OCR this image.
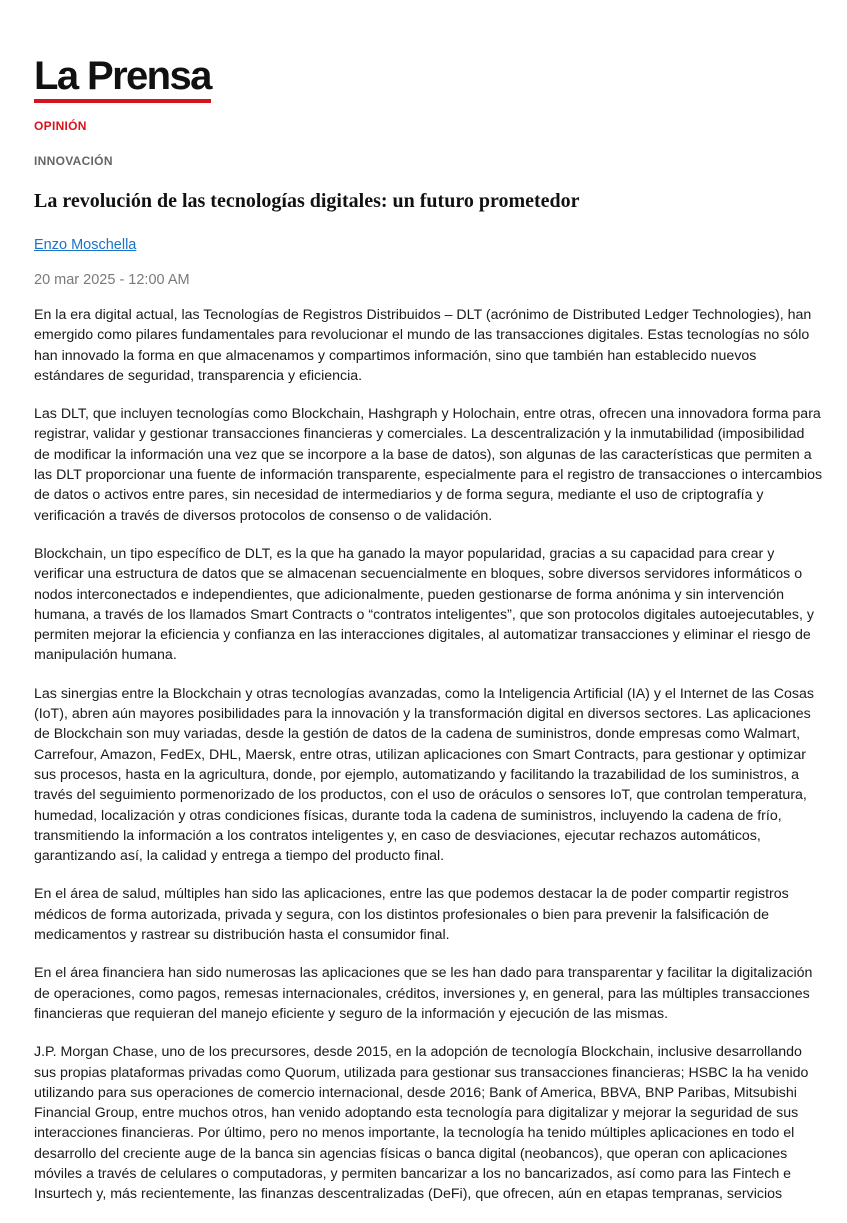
La Prensa
OPINIÓN
INNOVACIÓN
La revolución de las tecnologías digitales: un futuro prometedor
Enzo Moschella
20 mar 2025 - 12:00 AM

En la era digital actual, las Tecnologías de Registros Distribuidos – DLT (acrónimo de Distributed Ledger Technologies), han emergido como pilares fundamentales para revolucionar el mundo de las transacciones digitales. Estas tecnologías no sólo han innovado la forma en que almacenamos y compartimos información, sino que también han establecido nuevos estándares de seguridad, transparencia y eficiencia.

Las DLT, que incluyen tecnologías como Blockchain, Hashgraph y Holochain, entre otras, ofrecen una innovadora forma para registrar, validar y gestionar transacciones financieras y comerciales. La descentralización y la inmutabilidad (imposibilidad de modificar la información una vez que se incorpore a la base de datos), son algunas de las características que permiten a las DLT proporcionar una fuente de información transparente, especialmente para el registro de transacciones o intercambios de datos o activos entre pares, sin necesidad de intermediarios y de forma segura, mediante el uso de criptografía y verificación a través de diversos protocolos de consenso o de validación.

Blockchain, un tipo específico de DLT, es la que ha ganado la mayor popularidad, gracias a su capacidad para crear y verificar una estructura de datos que se almacenan secuencialmente en bloques, sobre diversos servidores informáticos o nodos interconectados e independientes, que adicionalmente, pueden gestionarse de forma anónima y sin intervención humana, a través de los llamados Smart Contracts o “contratos inteligentes”, que son protocolos digitales autoejecutables, y permiten mejorar la eficiencia y confianza en las interacciones digitales, al automatizar transacciones y eliminar el riesgo de manipulación humana.

Las sinergias entre la Blockchain y otras tecnologías avanzadas, como la Inteligencia Artificial (IA) y el Internet de las Cosas (IoT), abren aún mayores posibilidades para la innovación y la transformación digital en diversos sectores. Las aplicaciones de Blockchain son muy variadas, desde la gestión de datos de la cadena de suministros, donde empresas como Walmart, Carrefour, Amazon, FedEx, DHL, Maersk, entre otras, utilizan aplicaciones con Smart Contracts, para gestionar y optimizar sus procesos, hasta en la agricultura, donde, por ejemplo, automatizando y facilitando la trazabilidad de los suministros, a través del seguimiento pormenorizado de los productos, con el uso de oráculos o sensores IoT, que controlan temperatura, humedad, localización y otras condiciones físicas, durante toda la cadena de suministros, incluyendo la cadena de frío, transmitiendo la información a los contratos inteligentes y, en caso de desviaciones, ejecutar rechazos automáticos, garantizando así, la calidad y entrega a tiempo del producto final.

En el área de salud, múltiples han sido las aplicaciones, entre las que podemos destacar la de poder compartir registros médicos de forma autorizada, privada y segura, con los distintos profesionales o bien para prevenir la falsificación de medicamentos y rastrear su distribución hasta el consumidor final.

En el área financiera han sido numerosas las aplicaciones que se les han dado para transparentar y facilitar la digitalización de operaciones, como pagos, remesas internacionales, créditos, inversiones y, en general, para las múltiples transacciones financieras que requieran del manejo eficiente y seguro de la información y ejecución de las mismas.

J.P. Morgan Chase, uno de los precursores, desde 2015, en la adopción de tecnología Blockchain, inclusive desarrollando sus propias plataformas privadas como Quorum, utilizada para gestionar sus transacciones financieras; HSBC la ha venido utilizando para sus operaciones de comercio internacional, desde 2016; Bank of America, BBVA, BNP Paribas, Mitsubishi Financial Group, entre muchos otros, han venido adoptando esta tecnología para digitalizar y mejorar la seguridad de sus interacciones financieras. Por último, pero no menos importante, la tecnología ha tenido múltiples aplicaciones en todo el desarrollo del creciente auge de la banca sin agencias físicas o banca digital (neobancos), que operan con aplicaciones móviles a través de celulares o computadoras, y permiten bancarizar a los no bancarizados, así como para las Fintech e Insurtech y, más recientemente, las finanzas descentralizadas (DeFi), que ofrecen, aún en etapas tempranas, servicios
